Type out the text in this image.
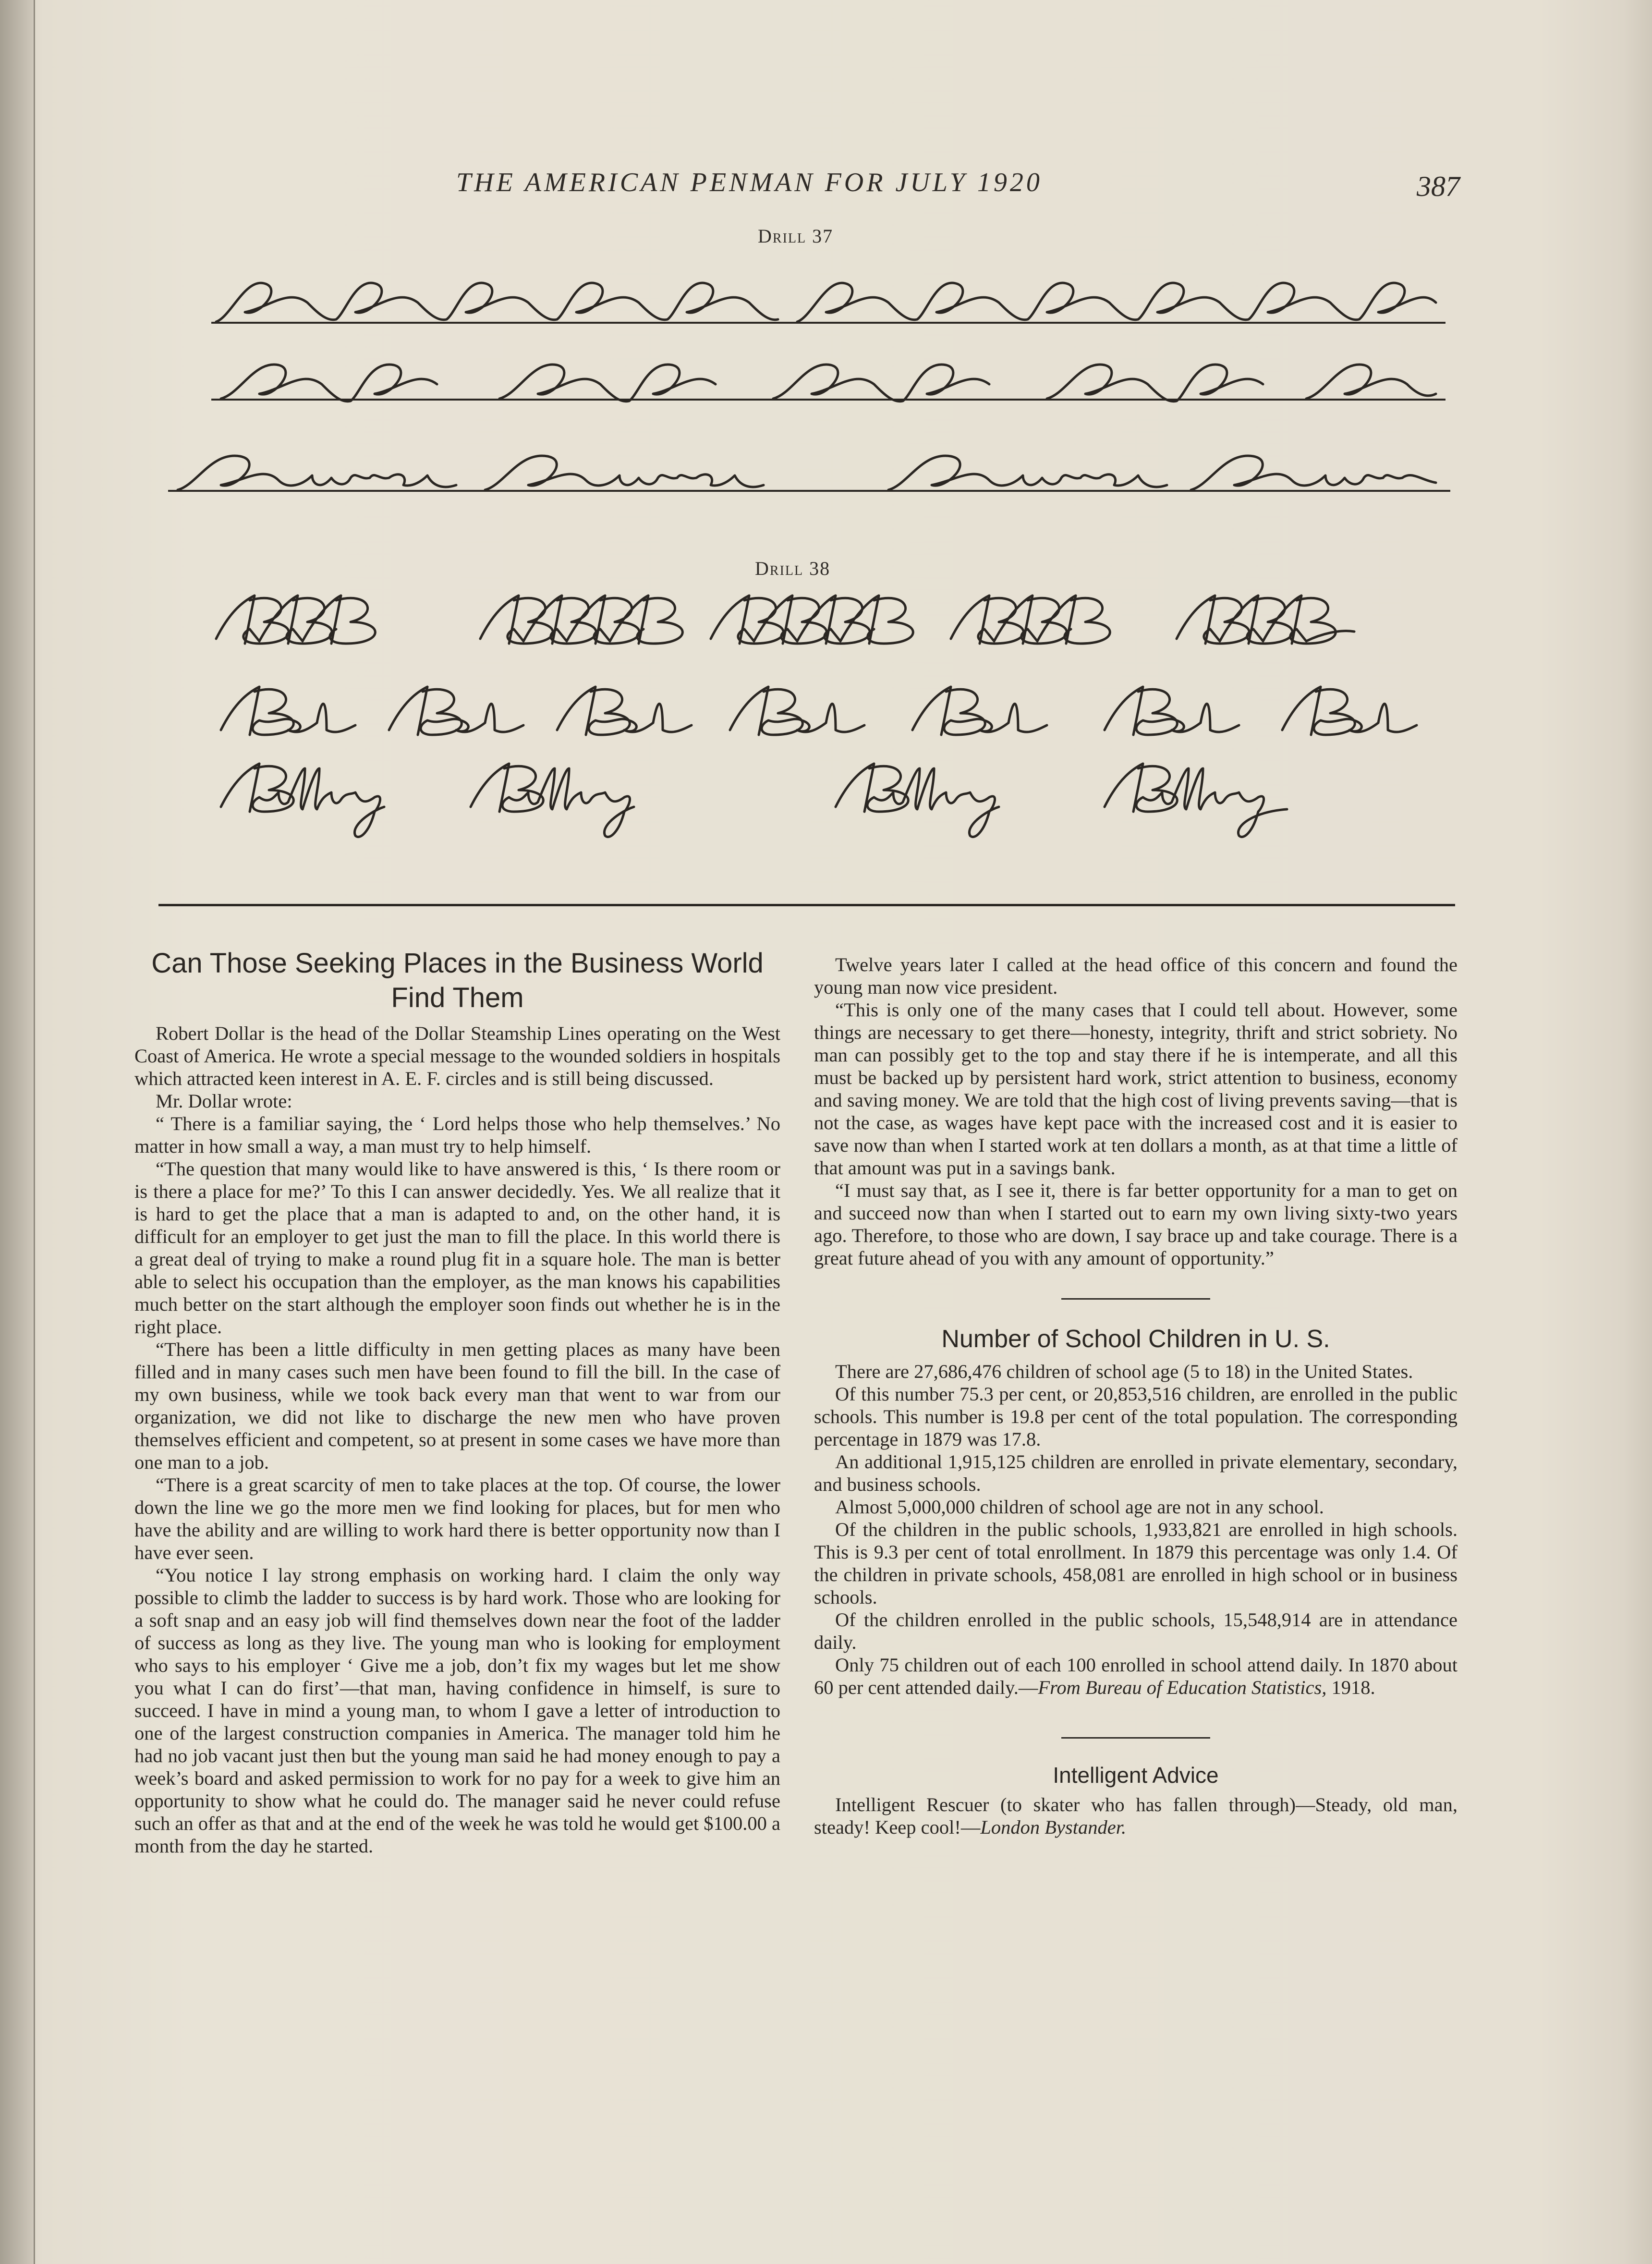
THE AMERICAN PENMAN FOR JULY 1920	387
Drill 37
Drill 38
Can Those Seeking Places in the Business World Find Them

Robert Dollar is the head of the Dollar Steamship Lines operating on the West Coast of America. He wrote a special message to the wounded soldiers in hospitals which attracted keen interest in A. E. F. circles and is still being discussed.

Mr. Dollar wrote:

“ There is a familiar saying, the ‘ Lord helps those who help themselves.’ No matter in how small a way, a man must try to help himself.

“The question that many would like to have answered is this, ‘ Is there room or is there a place for me?’ To this I can answer decidedly. Yes. We all realize that it is hard to get the place that a man is adapted to and, on the other hand, it is difficult for an employer to get just the man to fill the place. In this world there is a great deal of trying to make a round plug fit in a square hole. The man is better able to select his occupation than the employer, as the man knows his capabilities much better on the start although the employer soon finds out whether he is in the right place.

“There has been a little difficulty in men getting places as many have been filled and in many cases such men have been found to fill the bill. In the case of my own business, while we took back every man that went to war from our organization, we did not like to discharge the new men who have proven themselves efficient and competent, so at present in some cases we have more than one man to a job.

“There is a great scarcity of men to take places at the top. Of course, the lower down the line we go the more men we find looking for places, but for men who have the ability and are willing to work hard there is better opportunity now than I have ever seen.

“You notice I lay strong emphasis on working hard. I claim the only way possible to climb the ladder to success is by hard work. Those who are looking for a soft snap and an easy job will find themselves down near the foot of the ladder of success as long as they live. The young man who is looking for employment who says to his employer ‘ Give me a job, don’t fix my wages but let me show you what I can do first’—that man, having confidence in himself, is sure to succeed. I have in mind a young man, to whom I gave a letter of introduction to one of the largest construction companies in America. The manager told him he had no job vacant just then but the young man said he had money enough to pay a week’s board and asked permission to work for no pay for a week to give him an opportunity to show what he could do. The manager said he never could refuse such an offer as that and at the end of the week he was told he would get $100.00 a month from the day he started.

Twelve years later I called at the head office of this concern and found the young man now vice president.

“This is only one of the many cases that I could tell about. However, some things are necessary to get there—honesty, integrity, thrift and strict sobriety. No man can possibly get to the top and stay there if he is intemperate, and all this must be backed up by persistent hard work, strict attention to business, economy and saving money. We are told that the high cost of living prevents saving—that is not the case, as wages have kept pace with the increased cost and it is easier to save now than when I started work at ten dollars a month, as at that time a little of that amount was put in a savings bank.

“I must say that, as I see it, there is far better opportunity for a man to get on and succeed now than when I started out to earn my own living sixty-two years ago. Therefore, to those who are down, I say brace up and take courage. There is a great future ahead of you with any amount of opportunity.”

Number of School Children in U. S.

There are 27,686,476 children of school age (5 to 18) in the United States.

Of this number 75.3 per cent, or 20,853,516 children, are enrolled in the public schools. This number is 19.8 per cent of the total population. The corresponding percentage in 1879 was 17.8.

An additional 1,915,125 children are enrolled in private elementary, secondary, and business schools.

Almost 5,000,000 children of school age are not in any school.

Of the children in the public schools, 1,933,821 are enrolled in high schools. This is 9.3 per cent of total enrollment. In 1879 this percentage was only 1.4. Of the children in private schools, 458,081 are enrolled in high school or in business schools.

Of the children enrolled in the public schools, 15,548,914 are in attendance daily.

Only 75 children out of each 100 enrolled in school attend daily. In 1870 about 60 per cent attended daily.—From Bureau of Education Statistics, 1918.

Intelligent Advice

Intelligent Rescuer (to skater who has fallen through)—Steady, old man, steady! Keep cool!—London Bystander.
